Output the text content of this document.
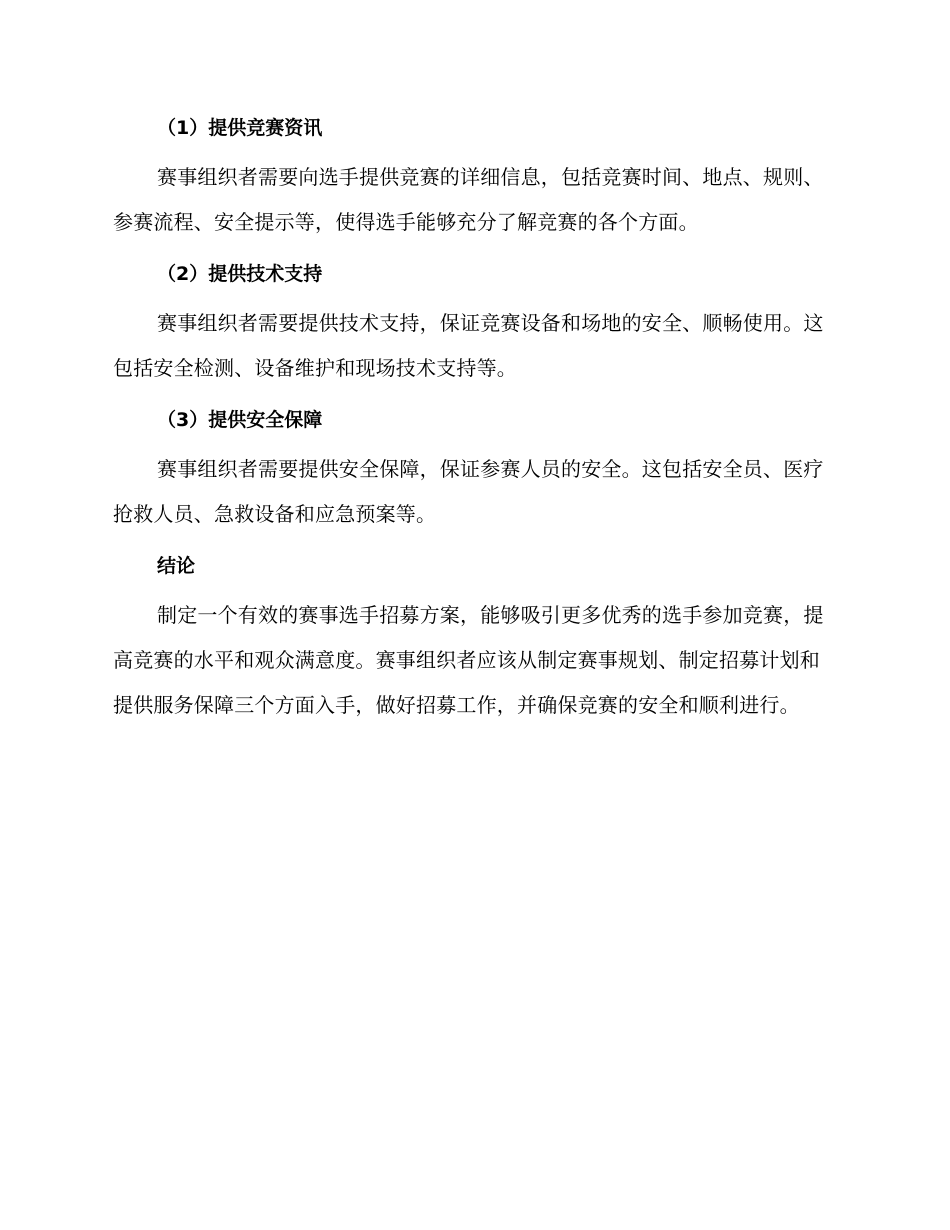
（1）提供竞赛资讯

赛事组织者需要向选手提供竞赛的详细信息，包括竞赛时间、地点、规则、参赛流程、安全提示等，使得选手能够充分了解竞赛的各个方面。

（2）提供技术支持

赛事组织者需要提供技术支持，保证竞赛设备和场地的安全、顺畅使用。这包括安全检测、设备维护和现场技术支持等。

（3）提供安全保障

赛事组织者需要提供安全保障，保证参赛人员的安全。这包括安全员、医疗抢救人员、急救设备和应急预案等。

结论

制定一个有效的赛事选手招募方案，能够吸引更多优秀的选手参加竞赛，提高竞赛的水平和观众满意度。赛事组织者应该从制定赛事规划、制定招募计划和提供服务保障三个方面入手，做好招募工作，并确保竞赛的安全和顺利进行。
